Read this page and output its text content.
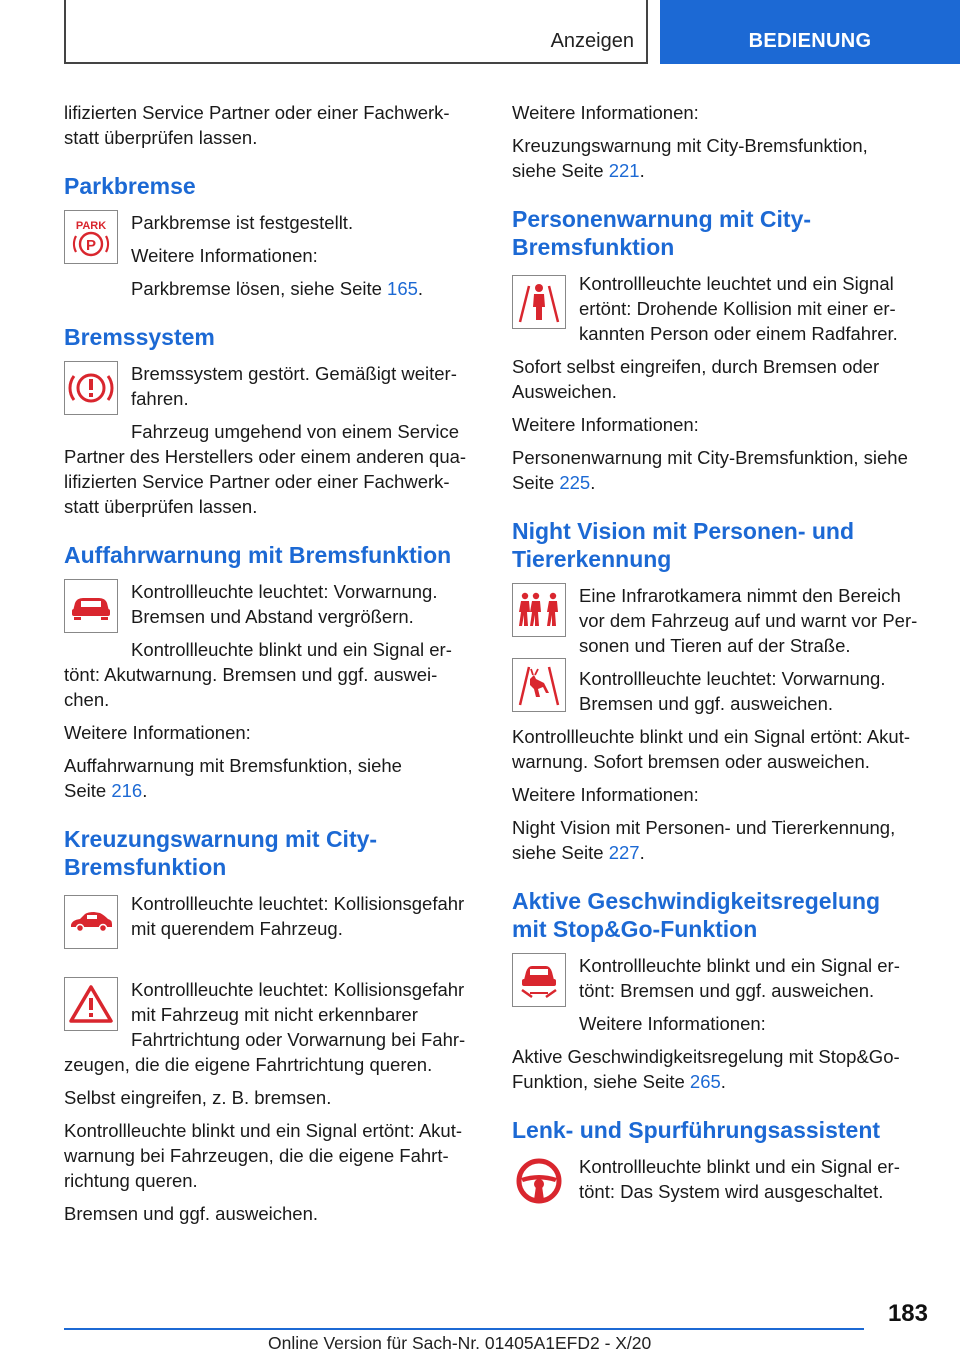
Anzeigen	BEDIENUNG

lifizierten Service Partner oder einer Fachwerk-
statt überprüfen lassen.

Parkbremse
PARK
P

Parkbremse ist festgestellt.

Weitere Informationen:

Parkbremse lösen, siehe Seite 165.

Bremssystem

Bremssystem gestört. Gemäßigt weiter-
fahren.

Fahrzeug umgehend von einem Service
Partner des Herstellers oder einem anderen qua-
lifizierten Service Partner oder einer Fachwerk-
statt überprüfen lassen.

Auffahrwarnung mit Bremsfunktion

Kontrollleuchte leuchtet: Vorwarnung.
Bremsen und Abstand vergrößern.

Kontrollleuchte blinkt und ein Signal er-
tönt: Akutwarnung. Bremsen und ggf. auswei-
chen.

Weitere Informationen:

Auffahrwarnung mit Bremsfunktion, siehe
Seite 216.

Kreuzungswarnung mit City-
Bremsfunktion

Kontrollleuchte leuchtet: Kollisionsgefahr
mit querendem Fahrzeug.

Kontrollleuchte leuchtet: Kollisionsgefahr
mit Fahrzeug mit nicht erkennbarer
Fahrtrichtung oder Vorwarnung bei Fahr-
zeugen, die die eigene Fahrtrichtung queren.

Selbst eingreifen, z. B. bremsen.

Kontrollleuchte blinkt und ein Signal ertönt: Akut-
warnung bei Fahrzeugen, die die eigene Fahrt-
richtung queren.

Bremsen und ggf. ausweichen.

Weitere Informationen:

Kreuzungswarnung mit City-Bremsfunktion,
siehe Seite 221.

Personenwarnung mit City-
Bremsfunktion

Kontrollleuchte leuchtet und ein Signal
ertönt: Drohende Kollision mit einer er-
kannten Person oder einem Radfahrer.

Sofort selbst eingreifen, durch Bremsen oder
Ausweichen.

Weitere Informationen:

Personenwarnung mit City-Bremsfunktion, siehe
Seite 225.

Night Vision mit Personen- und
Tiererkennung

Eine Infrarotkamera nimmt den Bereich
vor dem Fahrzeug auf und warnt vor Per-
sonen und Tieren auf der Straße.

Kontrollleuchte leuchtet: Vorwarnung.
Bremsen und ggf. ausweichen.

Kontrollleuchte blinkt und ein Signal ertönt: Akut-
warnung. Sofort bremsen oder ausweichen.

Weitere Informationen:

Night Vision mit Personen- und Tiererkennung,
siehe Seite 227.

Aktive Geschwindigkeitsregelung
mit Stop&Go-Funktion

Kontrollleuchte blinkt und ein Signal er-
tönt: Bremsen und ggf. ausweichen.

Weitere Informationen:

Aktive Geschwindigkeitsregelung mit Stop&Go-
Funktion, siehe Seite 265.

Lenk- und Spurführungsassistent

Kontrollleuchte blinkt und ein Signal er-
tönt: Das System wird ausgeschaltet.

183
Online Version für Sach-Nr. 01405A1EFD2 - X/20
